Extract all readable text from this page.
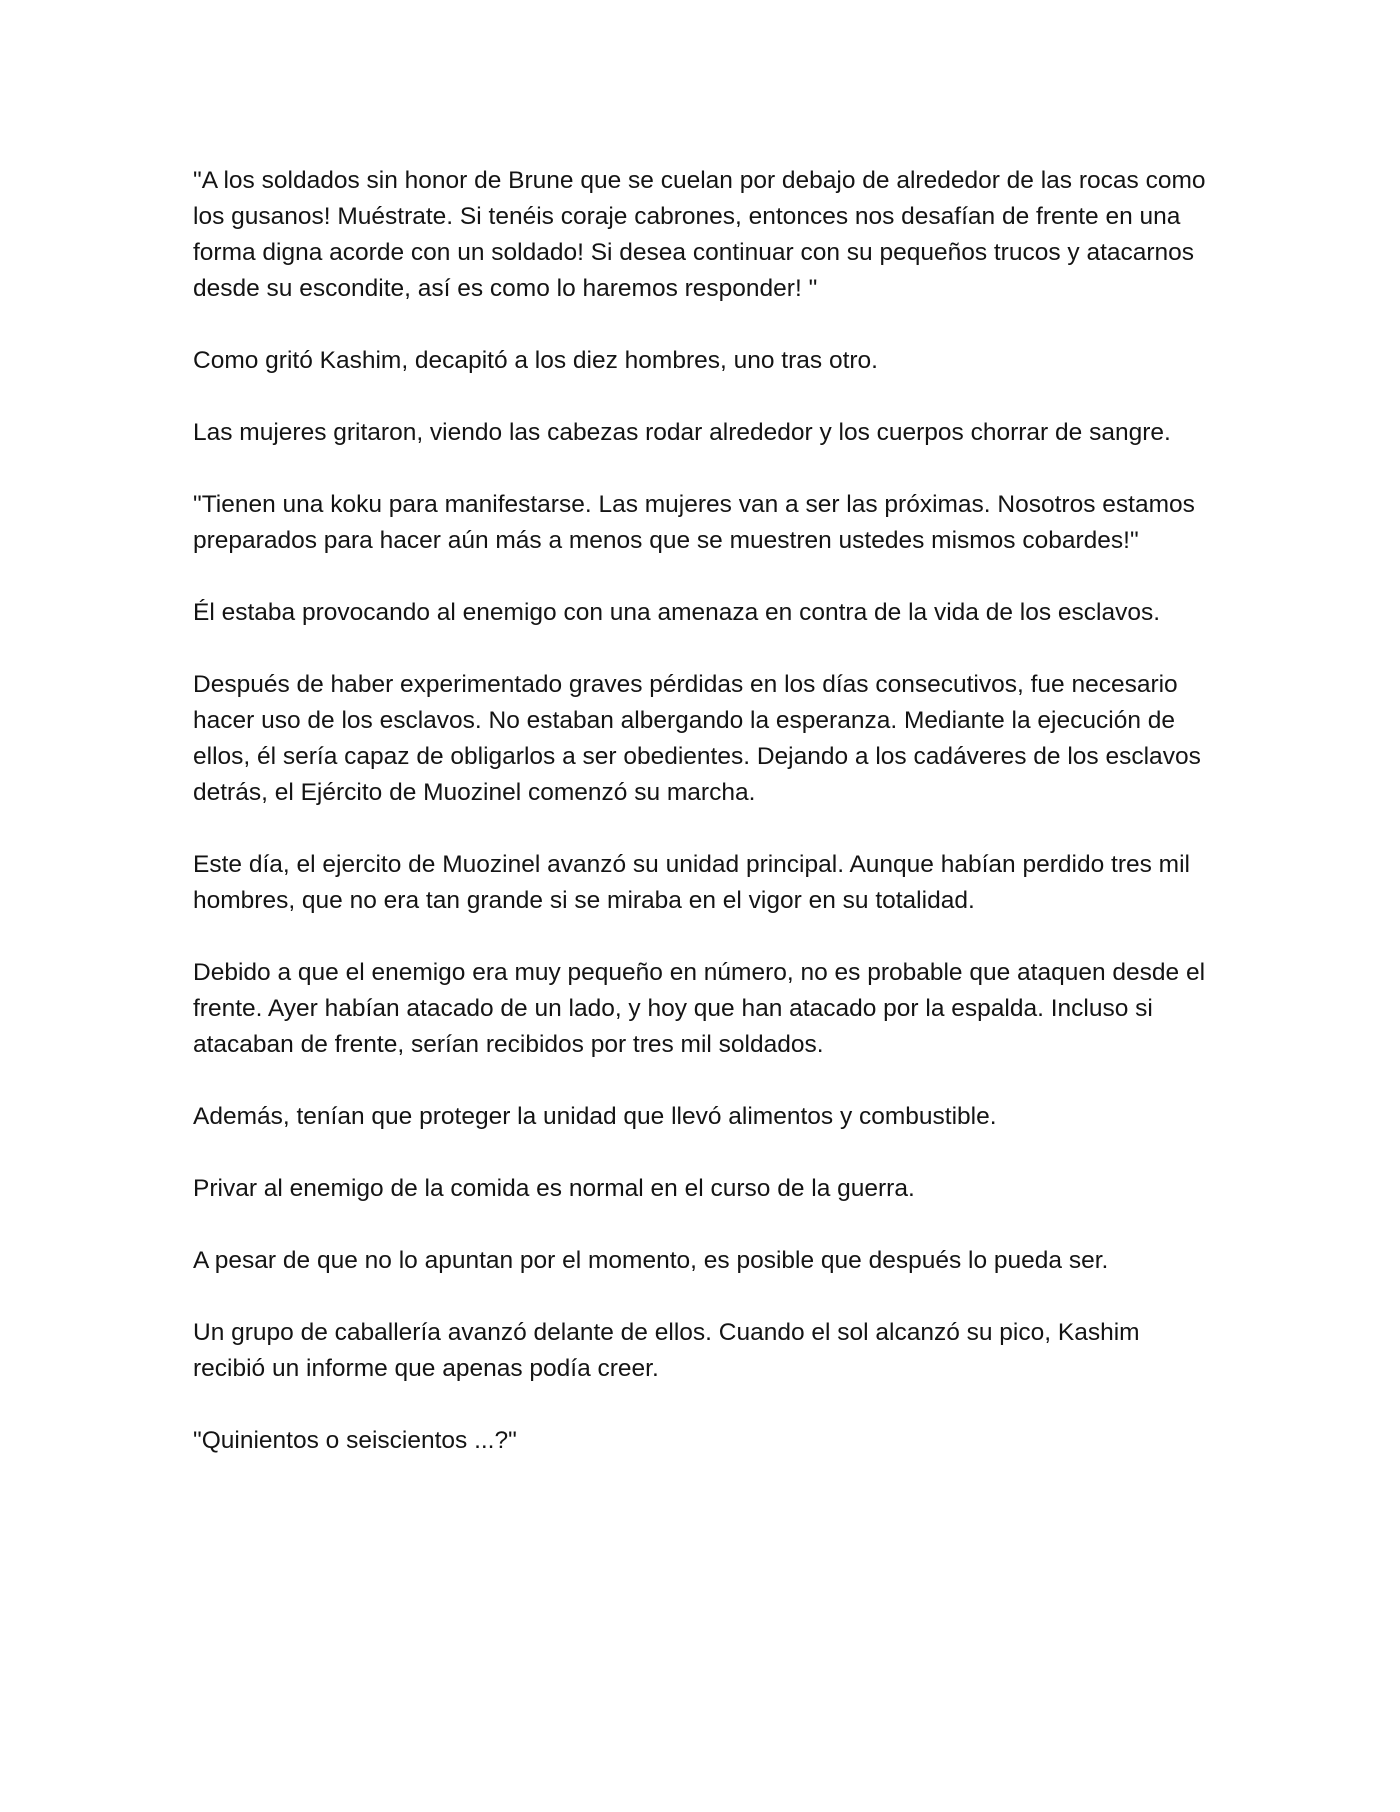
"A los soldados sin honor de Brune que se cuelan por debajo de alrededor de las rocas como los gusanos! Muéstrate. Si tenéis coraje cabrones, entonces nos desafían de frente en una forma digna acorde con un soldado! Si desea continuar con su pequeños trucos y atacarnos desde su escondite, así es como lo haremos responder! "

Como gritó Kashim, decapitó a los diez hombres, uno tras otro.

Las mujeres gritaron, viendo las cabezas rodar alrededor y los cuerpos chorrar de sangre.

"Tienen una koku para manifestarse. Las mujeres van a ser las próximas. Nosotros estamos preparados para hacer aún más a menos que se muestren ustedes mismos cobardes!"

Él estaba provocando al enemigo con una amenaza en contra de la vida de los esclavos.

Después de haber experimentado graves pérdidas en los días consecutivos, fue necesario hacer uso de los esclavos. No estaban albergando la esperanza. Mediante la ejecución de ellos, él sería capaz de obligarlos a ser obedientes. Dejando a los cadáveres de los esclavos detrás, el Ejército de Muozinel comenzó su marcha.

Este día, el ejercito de Muozinel avanzó su unidad principal. Aunque habían perdido tres mil hombres, que no era tan grande si se miraba en el vigor en su totalidad.

Debido a que el enemigo era muy pequeño en número, no es probable que ataquen desde el frente. Ayer habían atacado de un lado, y hoy que han atacado por la espalda. Incluso si atacaban de frente, serían recibidos por tres mil soldados.

Además, tenían que proteger la unidad que llevó alimentos y combustible.

Privar al enemigo de la comida es normal en el curso de la guerra.

A pesar de que no lo apuntan por el momento, es posible que después lo pueda ser.

Un grupo de caballería avanzó delante de ellos. Cuando el sol alcanzó su pico, Kashim recibió un informe que apenas podía creer.

"Quinientos o seiscientos ...?"
